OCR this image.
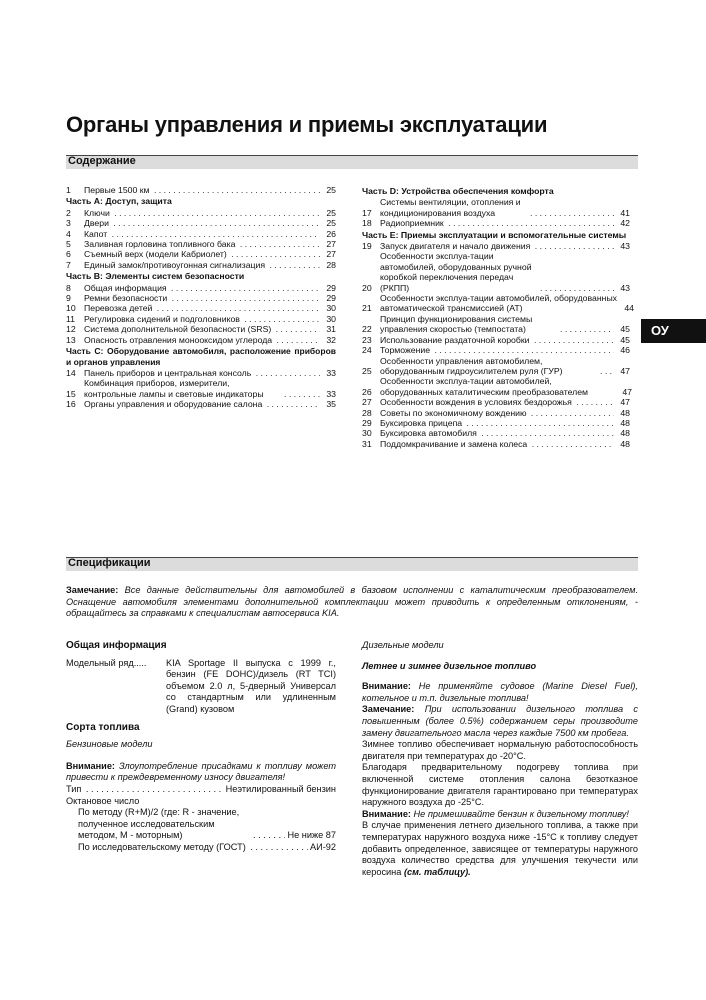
Органы управления и приемы эксплуатации
Содержание
1	Первые 1500 км . . .	25
Часть А: Доступ, защита
2	Ключи . . .	25
3	Двери . . .	25
4	Капот . . .	26
5	Заливная горловина топливного бака . . .	27
6	Съемный верх (модели Кабриолет) . . .	27
7	Единый замок/противоугонная сигнализация . . .	28
Часть В: Элементы систем безопасности
8	Общая информация . . .	29
9	Ремни безопасности . . .	29
10 Перевозка детей . . .	30
11	Регулировка сидений и подголовников . . .	30
12 Система дополнительной безопасности (SRS) . . .	31
13 Опасность отравления монооксидом углерода . . .	32
Часть С: Оборудование автомобиля, расположение приборов и органов управления
14 Панель приборов и центральная консоль . . .	33
15
Комбинация приборов, измерители, контрольные лампы и световые индикаторы . . .	33
16 Органы управления и оборудование салона . . .	35
Часть D: Устройства обеспечения комфорта
17
Системы вентиляции, отопления и кондиционирования воздуха . . .	41
18 Радиоприемник . . .	42
Часть Е: Приемы эксплуатации и вспомогательные системы
19 Запуск двигателя и начало движения . . .	43
20
Особенности эксплуа-тации автомобилей, оборудованных ручной коробкой переключения передач (РКПП) . . .	43
21
Особенности эксплуа-тации автомобилей, оборудованных автоматической трансмиссией (АТ)	44
22
Принцип функционирования системы управления скоростью (темпостата) . . .	45
23 Использование раздаточной коробки . . .	45
24 Торможение . . .	46
25
Особенности управления автомобилем, оборудованным гидроусилителем руля (ГУР) . . .	47
26
Особенности эксплуа-тации автомобилей, оборудованных каталитическим преобразователем	47
27 Особенности вождения в условиях бездорожья . . .	47
28 Советы по экономичному вождению . . .	48
29 Буксировка прицепа . . .	48
30 Буксировка автомобиля . . .	48
31 Поддомкрачивание и замена колеса . . .	48
ОУ
Спецификации
Замечание: Все данные действительны для автомобилей в базовом исполнении с каталитическим преобразователем. Оснащение автомобиля элементами дополнительной комплектации может приводить к определенным отклонениям, - обращайтесь за справками к специалистам автосервиса KIA.
Общая информация
Модельный ряд.....	KIA Sportage II выпуска с 1999 г., бензин (FE DOHC)/дизель (RT TCI) объемом 2.0 л, 5-дверный Универсал со стандартным или удлиненным (Grand) кузовом
Сорта топлива
Бензиновые модели
Внимание: Злоупотребление присадками к топливу может привести к преждевременному износу двигателя!
Тип . . .	Неэтилированный бензин
Октановое число
По методу (R+M)/2 (где: R - значение, полученное исследовательским методом, М - моторным) . . .	Не ниже 87
По исследовательскому методу (ГОСТ) . . .	АИ-92
Дизельные модели
Летнее и зимнее дизельное топливо
Внимание: Не применяйте судовое (Marine Diesel Fuel), котельное и т.п. дизельные топлива!
Замечание: При использовании дизельного топлива с повышенным (более 0.5%) содержанием серы производите замену двигательного масла через каждые 7500 км пробега.
Зимнее топливо обеспечивает нормальную работоспособность двигателя при температурах до -20°С.
Благодаря предварительному подогреву топлива при включенной системе отопления салона безотказное функционирование двигателя гарантировано при температурах наружного воздуха до -25°С.
Внимание: Не примешивайте бензин к дизельному топливу!
В случае применения летнего дизельного топлива, а также при температурах наружного воздуха ниже -15°С к топливу следует добавить определенное, зависящее от температуры наружного воздуха количество средства для улучшения текучести или керосина (см. таблицу).
